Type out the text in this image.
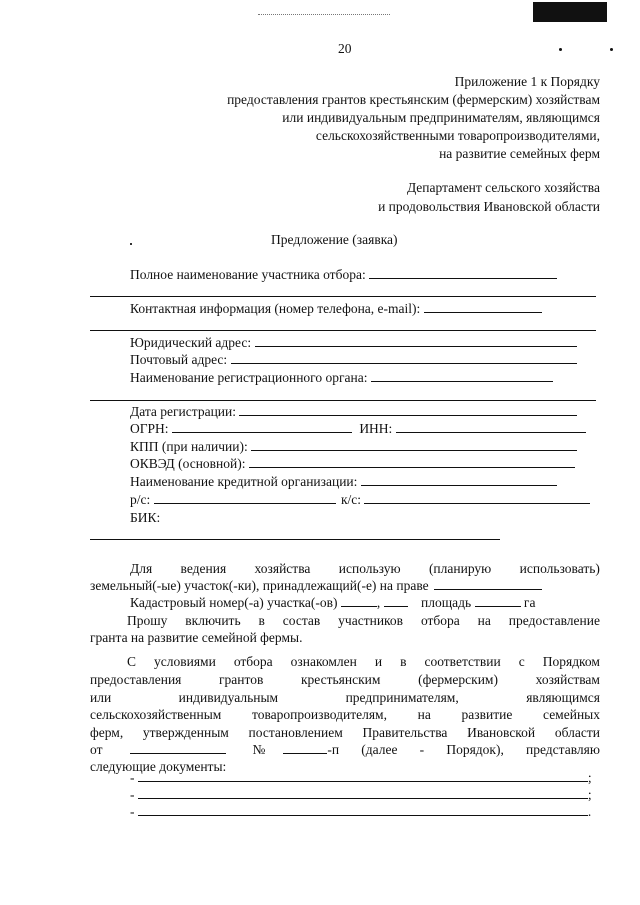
20
Приложение 1 к Порядку
предоставления грантов крестьянским (фермерским) хозяйствам
или индивидуальным предпринимателям, являющимся
сельскохозяйственными товаропроизводителями,
на развитие семейных ферм
Департамент сельского хозяйства
и продовольствия Ивановской области
Предложение (заявка)
Полное наименование участника отбора:
Контактная информация (номер телефона, e-mail):
Юридический адрес:
Почтовый адрес:
Наименование регистрационного органа:
Дата регистрации:
ОГРН:	ИНН:
КПП (при наличии):
ОКВЭД (основной):
Наименование кредитной организации:
р/с:	к/с:
БИК:
Для ведения хозяйства использую (планирую использовать)
земельный(-ые) участок(-ки), принадлежащий(-е) на праве
Кадастровый номер(-а) участка(-ов)	,	площадь	га
Прошу включить в состав участников отбора на предоставление
гранта на развитие семейной фермы.
С условиями отбора ознакомлен и в соответствии с Порядком
предоставления	грантов	крестьянским	(фермерским)	хозяйствам
или	индивидуальным	предпринимателям,	являющимся
сельскохозяйственным товаропроизводителям, на развитие семейных
ферм, утвержденным постановлением Правительства Ивановской области
от	№	-п (далее - Порядок), представляю
следующие документы:
-	;
-	;
-	.
